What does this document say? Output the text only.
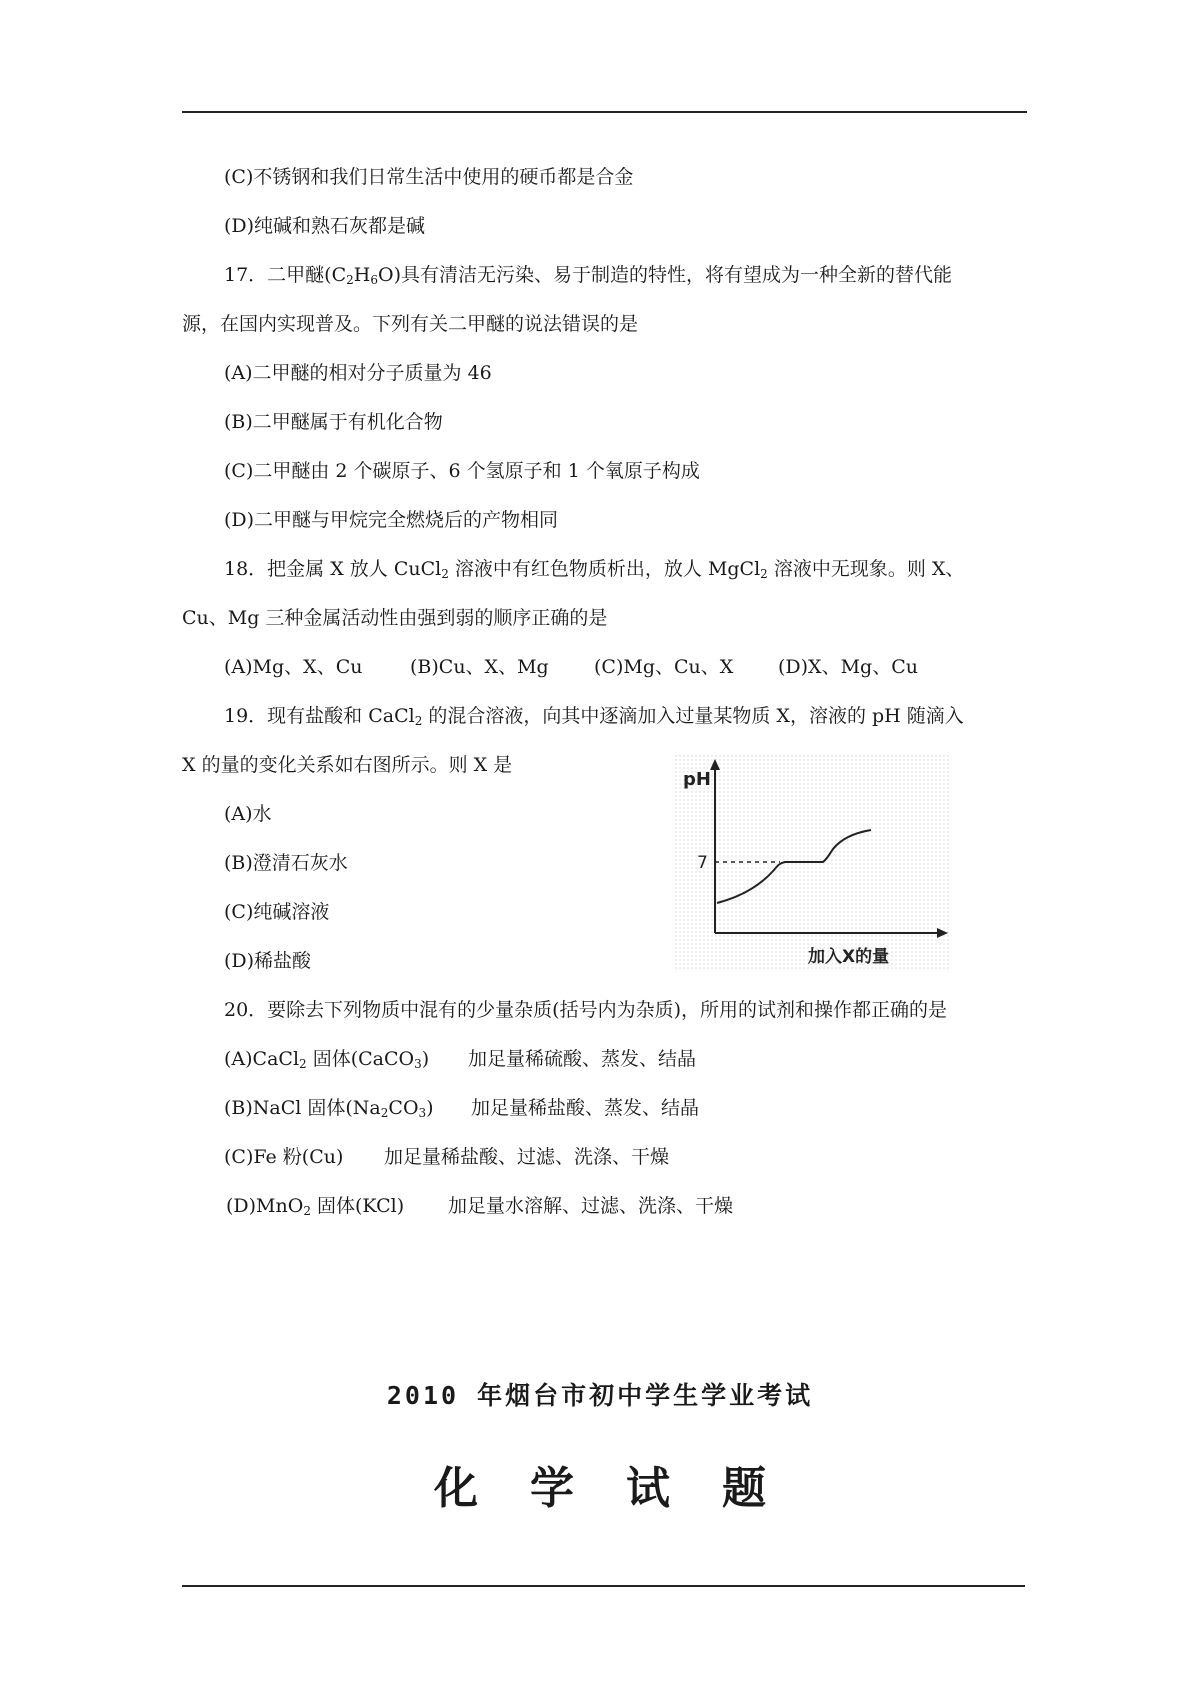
(C)不锈钢和我们日常生活中使用的硬币都是合金
(D)纯碱和熟石灰都是碱
17．二甲醚$(C_2H_6O)$具有清洁无污染、易于制造的特性，将有望成为一种全新的替代能
源，在国内实现普及。下列有关二甲醚的说法错误的是
(A)二甲醚的相对分子质量为 46
(B)二甲醚属于有机化合物
(C)二甲醚由 2 个碳原子、6 个氢原子和 1 个氧原子构成
(D)二甲醚与甲烷完全燃烧后的产物相同
18．把金属 X 放人 CuCl$_2$ 溶液中有红色物质析出，放人 MgCl$_2$ 溶液中无现象。则 X、
Cu、Mg 三种金属活动性由强到弱的顺序正确的是
(A)Mg、X、Cu	(B)Cu、X、Mg (C)Mg、Cu、X (D)X、Mg、Cu
19．现有盐酸和 CaCl$_2$ 的混合溶液，向其中逐滴加入过量某物质 X，溶液的 pH 随滴入
X 的量的变化关系如右图所示。则 X 是
(A)水
(B)澄清石灰水
(C)纯碱溶液
(D)稀盐酸
pH
7
加入X的量
20．要除去下列物质中混有的少量杂质(括号内为杂质)，所用的试剂和操作都正确的是
(A)CaCl$_2$ 固体(CaCO$_3$) 加足量稀硫酸、蒸发、结晶
(B)NaCl 固体$(Na_2CO_3)$ 加足量稀盐酸、蒸发、结晶
(C)Fe 粉(Cu) 加足量稀盐酸、过滤、洗涤、干燥
(D)MnO$_2$ 固体(KCl) 加足量水溶解、过滤、洗涤、干燥
2010 年烟台市初中学生学业考试
化学试题
